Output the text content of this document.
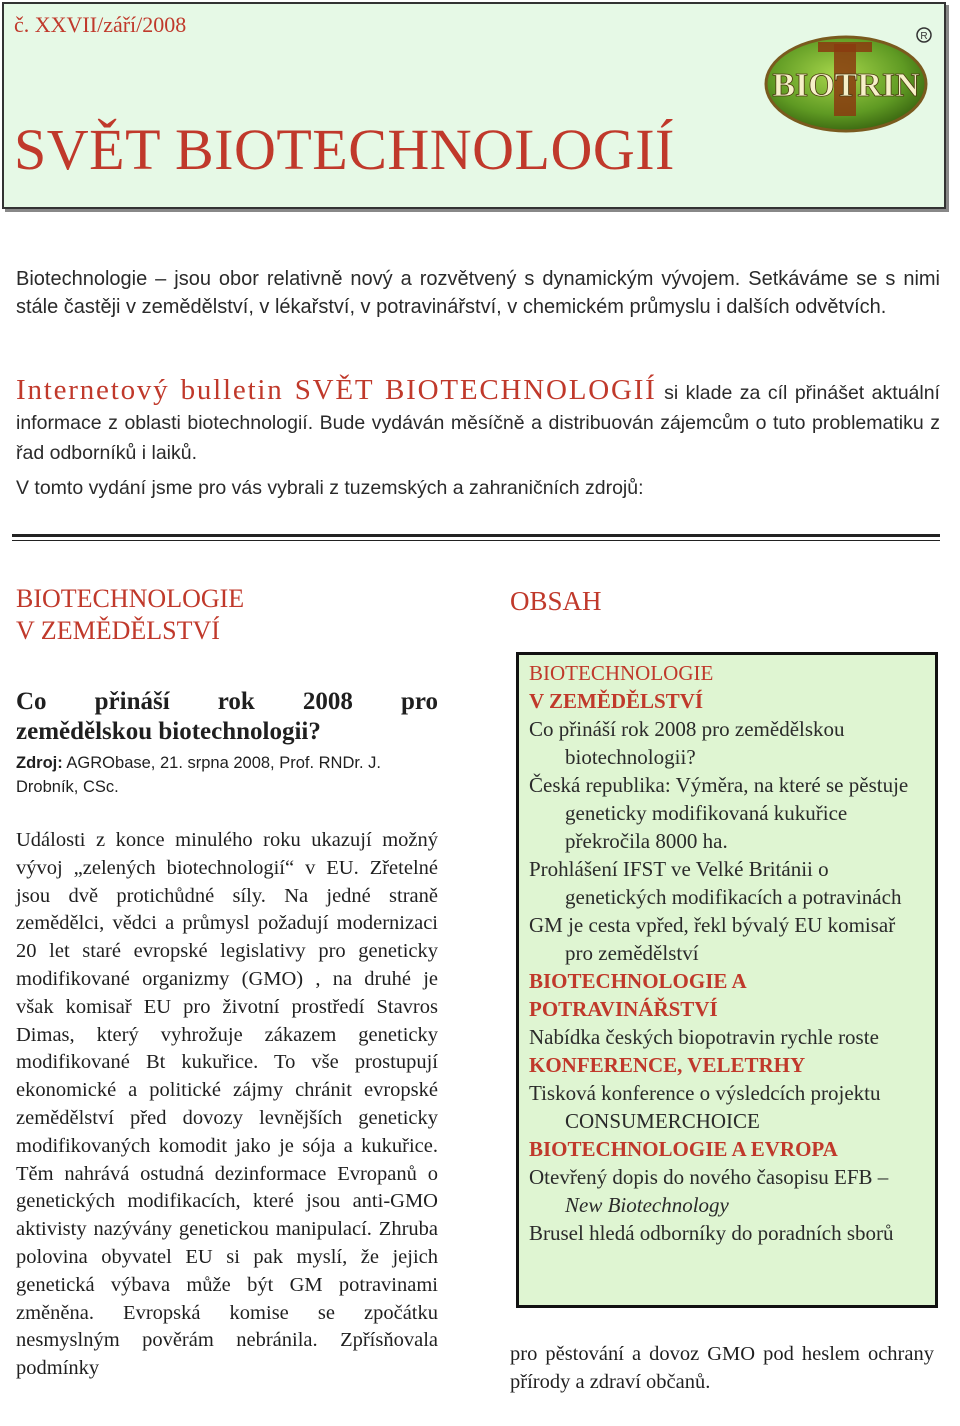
č. XXVII/září/2008
SVĚT BIOTECHNOLOGIÍ
BIOTRIN
R

Biotechnologie – jsou obor relativně nový a rozvětvený s dynamickým vývojem. Setkáváme se s nimi stále častěji v zemědělství, v lékařství, v potravinářství, v chemickém průmyslu i dalších odvětvích.

Internetový bulletin SVĚT BIOTECHNOLOGIÍ si klade za cíl přinášet aktuální informace z oblasti biotechnologií. Bude vydáván měsíčně a distribuován zájemcům o tuto problematiku z řad odborníků i laiků.

V tomto vydání jsme pro vás vybrali z tuzemských a zahraničních zdrojů:

BIOTECHNOLOGIE

V ZEMĚDĚLSTVÍ

Co přináší rok 2008 pro

zemědělskou biotechnologii?

Zdroj: AGRObase, 21. srpna 2008, Prof. RNDr. J. Drobník, CSc.

Události z konce minulého roku ukazují možný vývoj „zelených biotechnologií“ v EU. Zřetelné jsou dvě protichůdné síly. Na jedné straně zemědělci, vědci a průmysl požadují modernizaci 20 let staré evropské legislativy pro geneticky modifikované organizmy (GMO) , na druhé je však komisař EU pro životní prostředí Stavros Dimas, který vyhrožuje zákazem geneticky modifikované Bt kukuřice. To vše prostupují ekonomické a politické zájmy chránit evropské zemědělství před dovozy levnějších geneticky modifikovaných komodit jako je sója a kukuřice. Těm nahrává ostudná dezinformace Evropanů o genetických modifikacích, které jsou anti-GMO aktivisty nazývány genetickou manipulací. Zhruba polovina obyvatel EU si pak myslí, že jejich genetická výbava může být GM potravinami změněna. Evropská komise se zpočátku nesmyslným pověrám nebránila. Zpřísňovala podmínky

OBSAH

BIOTECHNOLOGIE

V ZEMĚDĚLSTVÍ

Co přináší rok 2008 pro zemědělskou biotechnologii?

Česká republika: Výměra, na které se pěstuje geneticky modifikovaná kukuřice překročila 8000 ha.

Prohlášení IFST ve Velké Británii o genetických modifikacích a potravinách

GM je cesta vpřed, řekl bývalý EU komisař pro zemědělství

BIOTECHNOLOGIE A

POTRAVINÁŘSTVÍ

Nabídka českých biopotravin rychle roste

KONFERENCE, VELETRHY

Tisková konference o výsledcích projektu CONSUMERCHOICE

BIOTECHNOLOGIE A EVROPA

Otevřený dopis do nového časopisu EFB – New Biotechnology

Brusel hledá odborníky do poradních sborů

pro pěstování a dovoz GMO pod heslem ochrany přírody a zdraví občanů.
